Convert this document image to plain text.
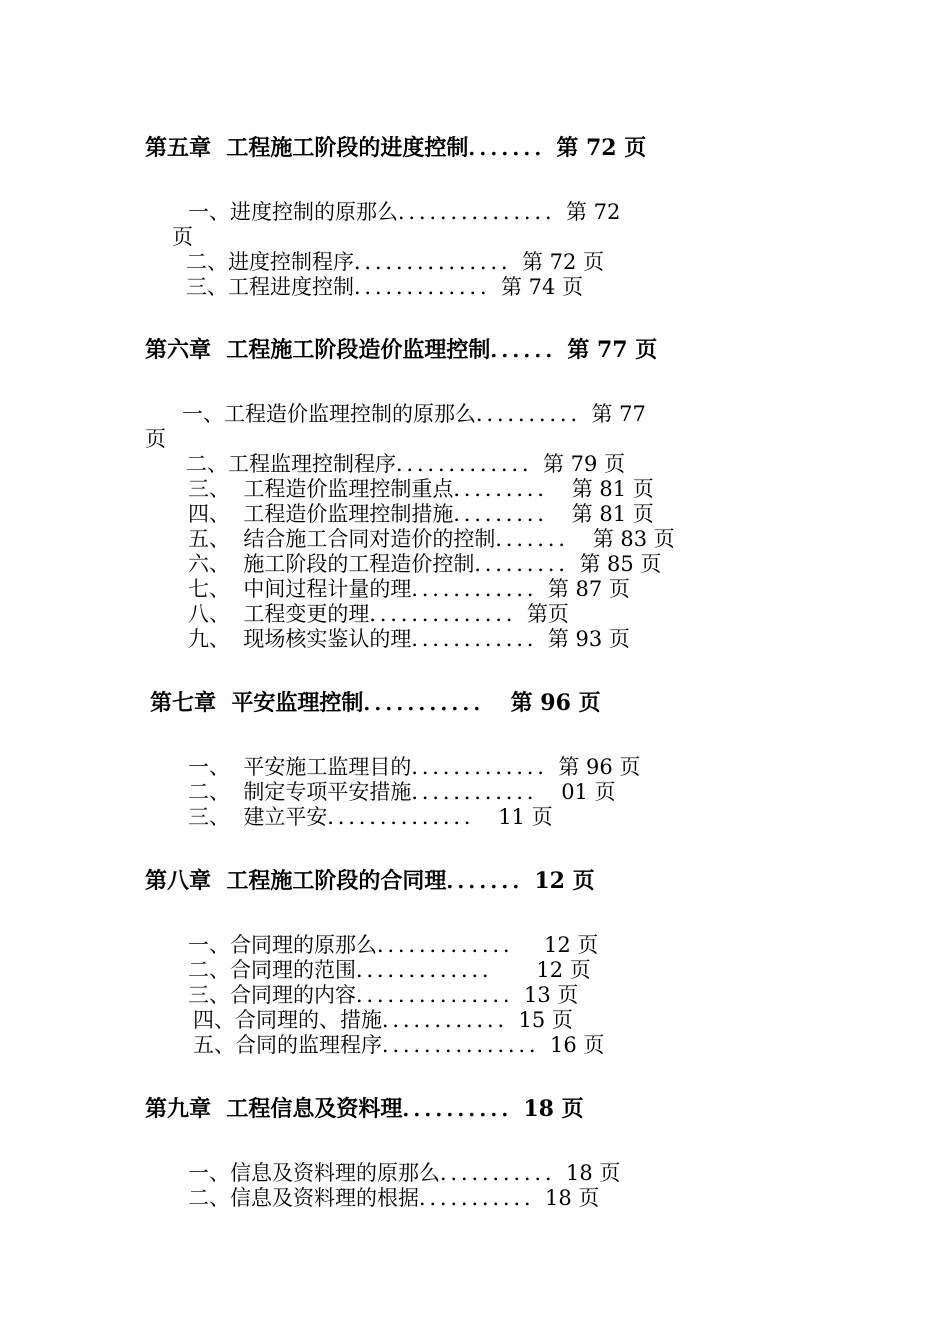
第五章  工程施工阶段的进度控制．．．．．．．第 72 页
一、进度控制的原那么．．．．．．．．．．．．．．．第 72
页
二、进度控制程序．．．．．．．．．．．．．．．第 72 页
三、工程进度控制．．．．．．．．．．．．．第 74 页
第六章  工程施工阶段造价监理控制．．．．．．第 77 页
一、工程造价监理控制的原那么．．．．．．．．．．第 77
页
二、工程监理控制程序．．．．．．．．．．．．．第 79 页
三、  工程造价监理控制重点．．．．．．．．．  第 81 页
四、  工程造价监理控制措施．．．．．．．．．  第 81 页
五、  结合施工合同对造价的控制．．．．．．．  第 83 页
六、  施工阶段的工程造价控制．．．．．．．．．第 85 页
七、  中间过程计量的理．．．．．．．．．．．．第 87 页
八、  工程变更的理．．．．．．．．．．．．．．第页
九、  现场核实鉴认的理．．．．．．．．．．．．第 93 页
第七章  平安监理控制．．．．．．．．．．．  第 96 页
一、  平安施工监理目的．．．．．．．．．．．．．第 96 页
二、  制定专项平安措施．．．．．．．．．．．．  01 页
三、  建立平安．．．．．．．．．．．．．．  11 页
第八章  工程施工阶段的合同理．．．．．．．12 页
一、合同理的原那么．．．．．．．．．．．．．   12 页
二、合同理的范围．．．．．．．．．．．．．     12 页
三、合同理的内容．．．．．．．．．．．．．．．13 页
四、合同理的、措施．．．．．．．．．．．．15 页
五、合同的监理程序．．．．．．．．．．．．．．．16 页
第九章  工程信息及资料理．．．．．．．．．．18 页
一、信息及资料理的原那么．．．．．．．．．．．18 页
二、信息及资料理的根据．．．．．．．．．．．18 页
